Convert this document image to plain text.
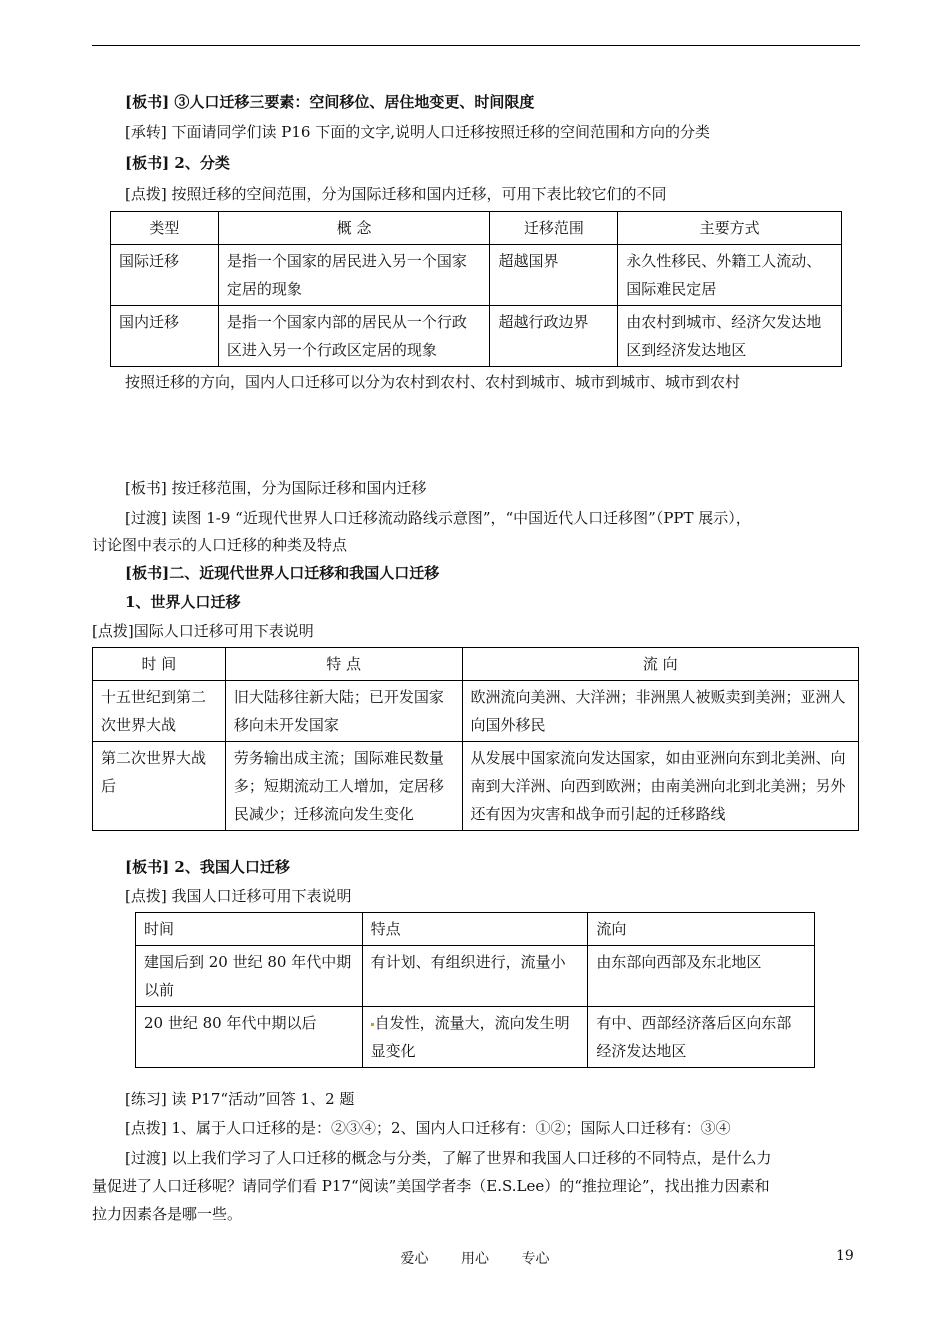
[板书] ③人口迁移三要素：空间移位、居住地变更、时间限度
[承转] 下面请同学们读 P16 下面的文字,说明人口迁移按照迁移的空间范围和方向的分类
[板书] 2、分类
[点拨] 按照迁移的空间范围，分为国际迁移和国内迁移，可用下表比较它们的不同
类型	概 念	迁移范围	主要方式
国际迁移	是指一个国家的居民进入另一个国家定居的现象	超越国界	永久性移民、外籍工人流动、国际难民定居
国内迁移	是指一个国家内部的居民从一个行政区进入另一个行政区定居的现象	超越行政边界	由农村到城市、经济欠发达地区到经济发达地区
按照迁移的方向，国内人口迁移可以分为农村到农村、农村到城市、城市到城市、城市到农村
[板书] 按迁移范围，分为国际迁移和国内迁移
[过渡] 读图 1-9 “近现代世界人口迁移流动路线示意图”，“中国近代人口迁移图”（PPT 展示），
讨论图中表示的人口迁移的种类及特点
[板书]二、近现代世界人口迁移和我国人口迁移
1、世界人口迁移
[点拨]国际人口迁移可用下表说明
时 间	特 点	流 向
十五世纪到第二次世界大战	旧大陆移往新大陆；已开发国家移向未开发国家	欧洲流向美洲、大洋洲；非洲黑人被贩卖到美洲；亚洲人向国外移民
第二次世界大战后	劳务输出成主流；国际难民数量多；短期流动工人增加，定居移民减少；迁移流向发生变化	从发展中国家流向发达国家，如由亚洲向东到北美洲、向南到大洋洲、向西到欧洲；由南美洲向北到北美洲；另外还有因为灾害和战争而引起的迁移路线
[板书] 2、我国人口迁移
[点拨] 我国人口迁移可用下表说明
时间	特点	流向
建国后到 20 世纪 80 年代中期以前	有计划、有组织进行，流量小	由东部向西部及东北地区
20 世纪 80 年代中期以后	自发性，流量大，流向发生明显变化	有中、西部经济落后区向东部经济发达地区
[练习] 读 P17“活动”回答 1、2 题
[点拨] 1、属于人口迁移的是：②③④；2、国内人口迁移有：①②；国际人口迁移有：③④
[过渡] 以上我们学习了人口迁移的概念与分类，了解了世界和我国人口迁移的不同特点，是什么力
量促进了人口迁移呢？请同学们看 P17“阅读”美国学者李（E.S.Lee）的“推拉理论”，找出推力因素和
拉力因素各是哪一些。
爱心 用心 专心	19
